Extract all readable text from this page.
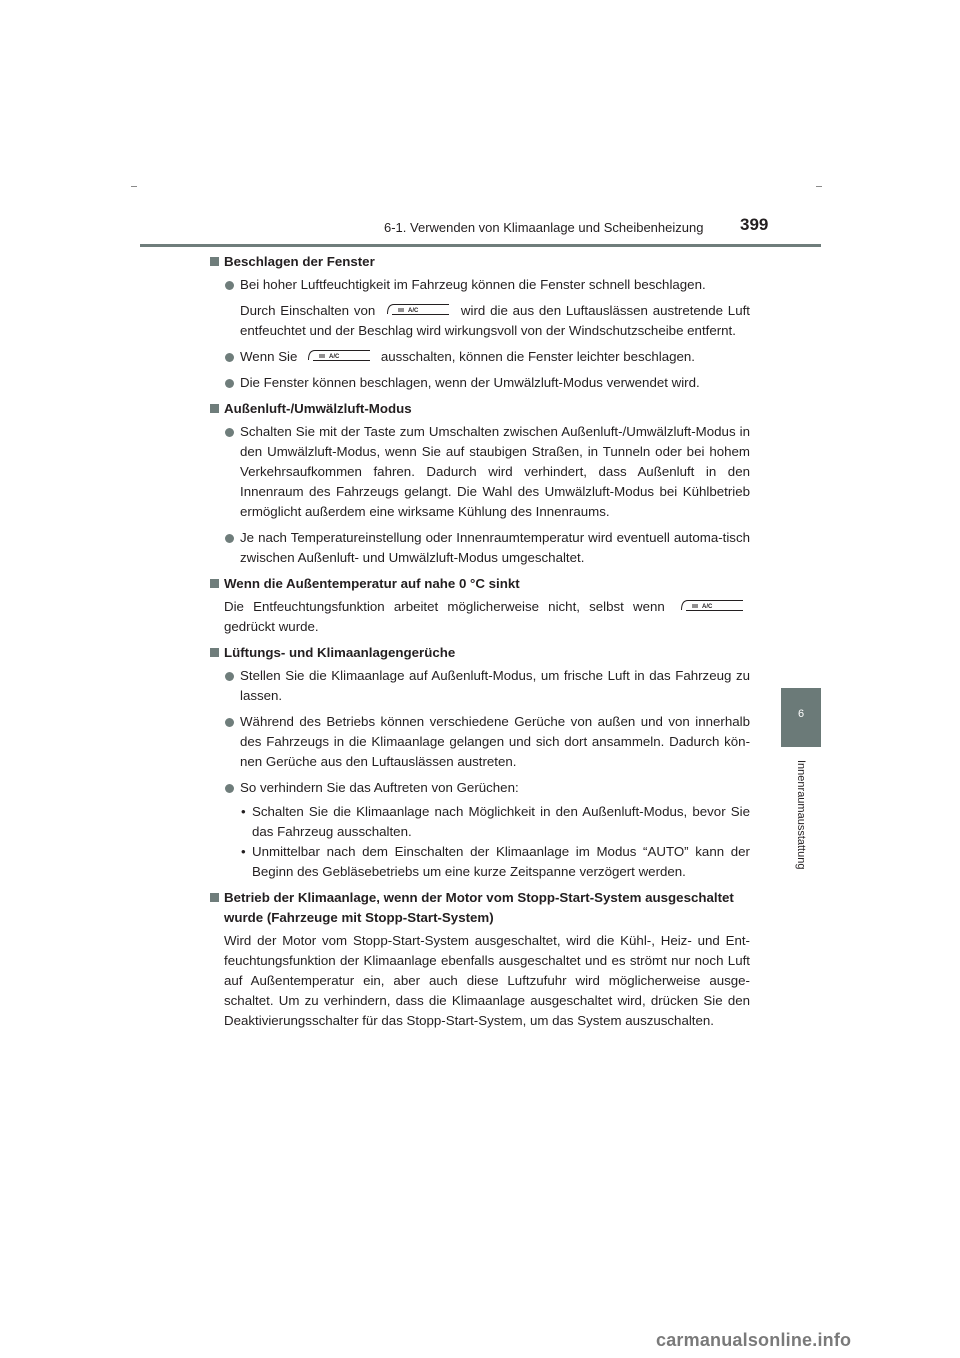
6-1. Verwenden von Klimaanlage und Scheibenheizung 399
6
Innenraumausstattung
Beschlagen der Fenster
Bei hoher Luftfeuchtigkeit im Fahrzeug können die Fenster schnell beschlagen.
Durch Einschalten von	A/C	wird die aus den Luftauslässen austretende Luft entfeuchtet und der Beschlag wird wirkungsvoll von der Windschutzscheibe entfernt.
Wenn Sie	A/C	ausschalten, können die Fenster leichter beschlagen.
Die Fenster können beschlagen, wenn der Umwälzluft-Modus verwendet wird.
Außenluft-/Umwälzluft-Modus
Schalten Sie mit der Taste zum Umschalten zwischen Außenluft-/Umwälzluft-Modus in den Umwälzluft-Modus, wenn Sie auf staubigen Straßen, in Tunneln oder bei hohem Verkehrsaufkommen fahren. Dadurch wird verhindert, dass Außenluft in den Innenraum des Fahrzeugs gelangt. Die Wahl des Umwälzluft-Modus bei Kühlbetrieb ermöglicht außerdem eine wirksame Kühlung des Innenraums.
Je nach Temperatureinstellung oder Innenraumtemperatur wird eventuell automa-tisch zwischen Außenluft- und Umwälzluft-Modus umgeschaltet.
Wenn die Außentemperatur auf nahe 0 °C sinkt
Die Entfeuchtungsfunktion arbeitet möglicherweise nicht, selbst wenn	A/C
gedrückt wurde.
Lüftungs- und Klimaanlagengerüche
Stellen Sie die Klimaanlage auf Außenluft-Modus, um frische Luft in das Fahrzeug zu lassen.
Während des Betriebs können verschiedene Gerüche von außen und von innerhalb des Fahrzeugs in die Klimaanlage gelangen und sich dort ansammeln. Dadurch kön-nen Gerüche aus den Luftauslässen austreten.
So verhindern Sie das Auftreten von Gerüchen:
• Schalten Sie die Klimaanlage nach Möglichkeit in den Außenluft-Modus, bevor Sie das Fahrzeug ausschalten.
• Unmittelbar nach dem Einschalten der Klimaanlage im Modus “AUTO” kann der Beginn des Gebläsebetriebs um eine kurze Zeitspanne verzögert werden.
Betrieb der Klimaanlage, wenn der Motor vom Stopp-Start-System ausgeschaltet wurde (Fahrzeuge mit Stopp-Start-System)
Wird der Motor vom Stopp-Start-System ausgeschaltet, wird die Kühl-, Heiz- und Ent-feuchtungsfunktion der Klimaanlage ebenfalls ausgeschaltet und es strömt nur noch Luft auf Außentemperatur ein, aber auch diese Luftzufuhr wird möglicherweise ausge-schaltet. Um zu verhindern, dass die Klimaanlage ausgeschaltet wird, drücken Sie den Deaktivierungsschalter für das Stopp-Start-System, um das System auszuschalten.
carmanualsonline.info
